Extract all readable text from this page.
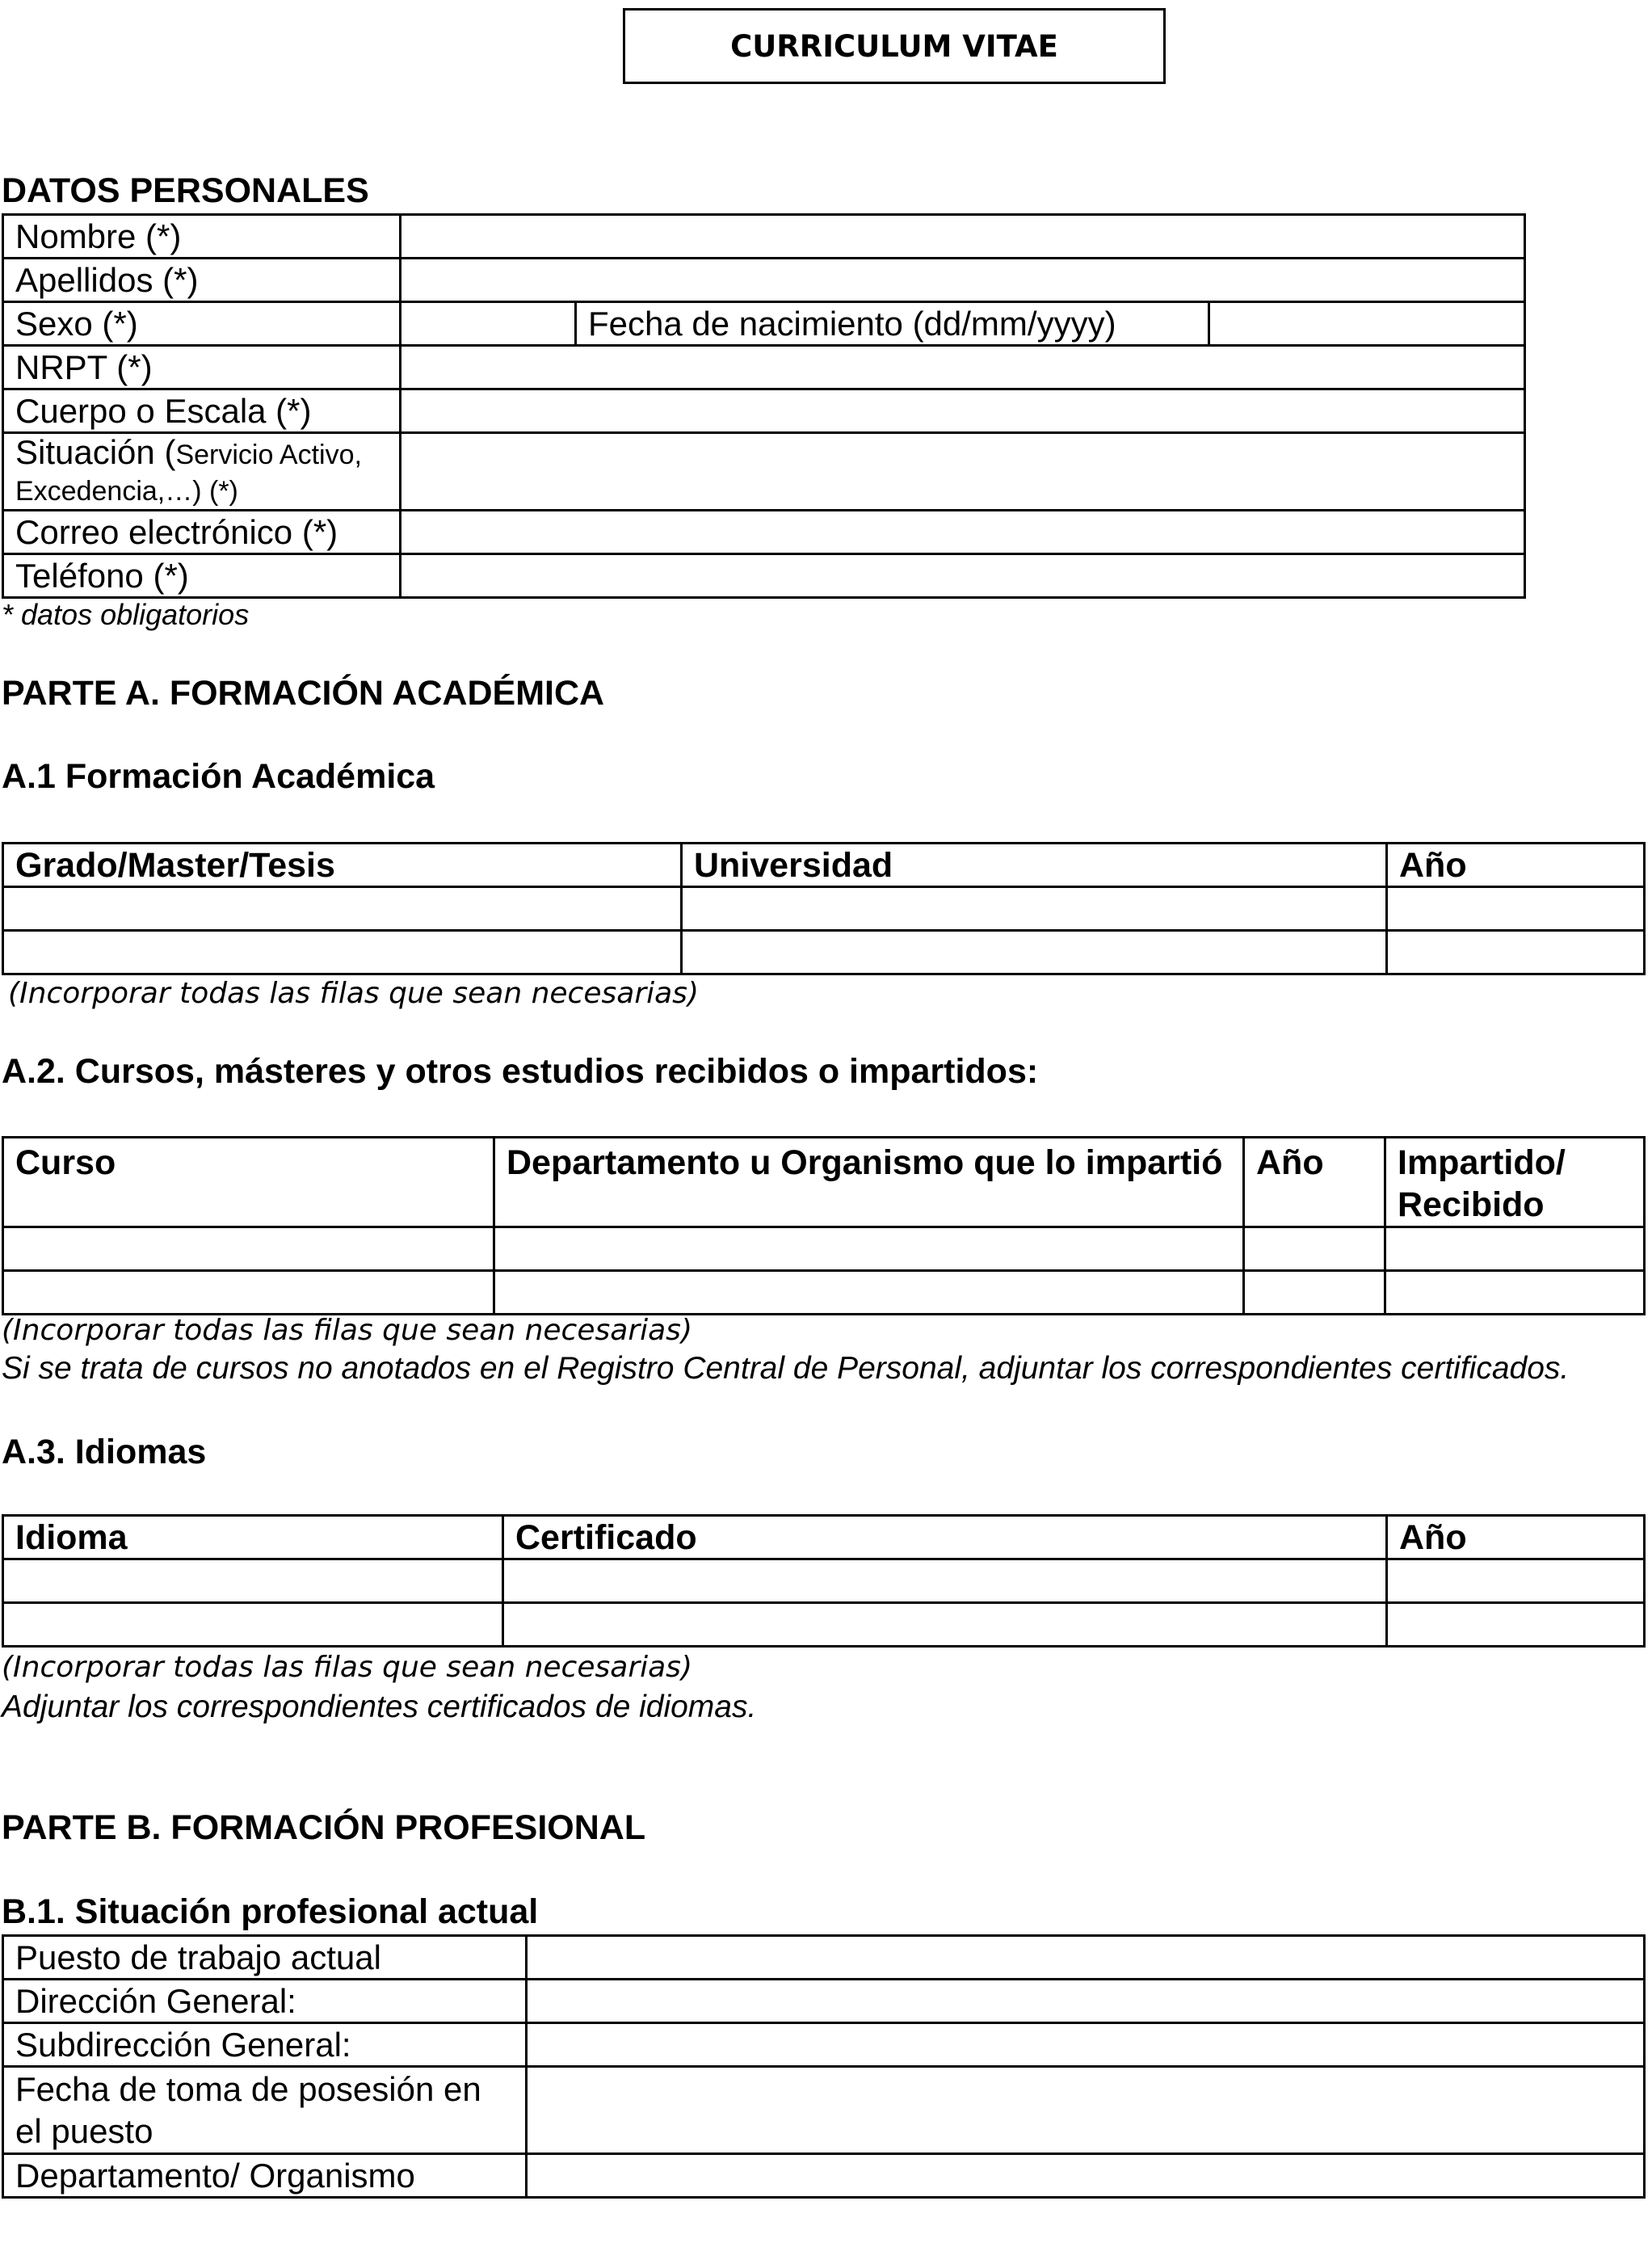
CURRICULUM VITAE
DATOS PERSONALES
Nombre (*)			
Apellidos (*)			
Sexo (*)		Fecha de nacimiento (dd/mm/yyyy)	
NRPT (*)			
Cuerpo o Escala (*)			
Situación (Servicio Activo,
Excedencia,…) (*)			
Correo electrónico (*)			
Teléfono (*)			
* datos obligatorios
PARTE A. FORMACIÓN ACADÉMICA
A.1 Formación Académica
Grado/Master/Tesis	Universidad	Año

(Incorporar todas las filas que sean necesarias)
A.2. Cursos, másteres y otros estudios recibidos o impartidos:
Curso	Departamento u Organismo que lo impartió	Año	Impartido/ Recibido

(Incorporar todas las filas que sean necesarias)
Si se trata de cursos no anotados en el Registro Central de Personal, adjuntar los correspondientes certificados.
A.3. Idiomas
Idioma	Certificado	Año

(Incorporar todas las filas que sean necesarias)
Adjuntar los correspondientes certificados de idiomas.
PARTE B. FORMACIÓN PROFESIONAL
B.1. Situación profesional actual
Puesto de trabajo actual	
Dirección General:	
Subdirección General:	
Fecha de toma de posesión en el puesto	
Departamento/ Organismo	
